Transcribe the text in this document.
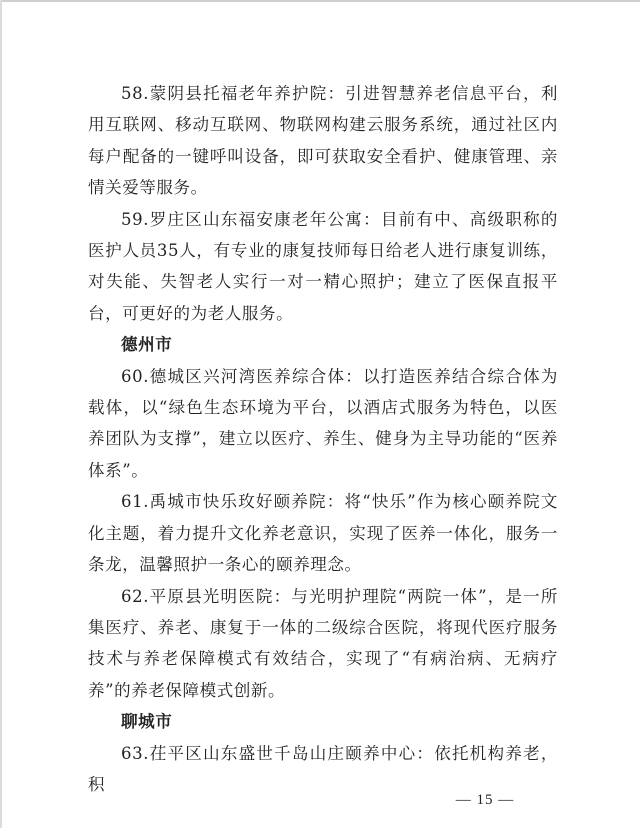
58.蒙阴县托福老年养护院：引进智慧养老信息平台，利用互联网、移动互联网、物联网构建云服务系统，通过社区内每户配备的一键呼叫设备，即可获取安全看护、健康管理、亲情关爱等服务。

59.罗庄区山东福安康老年公寓：目前有中、高级职称的医护人员35人，有专业的康复技师每日给老人进行康复训练，对失能、失智老人实行一对一精心照护；建立了医保直报平台，可更好的为老人服务。

德州市

60.德城区兴河湾医养综合体：以打造医养结合综合体为载体，以“绿色生态环境为平台，以酒店式服务为特色，以医养团队为支撑”，建立以医疗、养生、健身为主导功能的“医养体系”。

61.禹城市快乐玫好颐养院：将“快乐”作为核心颐养院文化主题，着力提升文化养老意识，实现了医养一体化，服务一条龙，温馨照护一条心的颐养理念。

62.平原县光明医院：与光明护理院“两院一体”，是一所集医疗、养老、康复于一体的二级综合医院，将现代医疗服务技术与养老保障模式有效结合，实现了“有病治病、无病疗养”的养老保障模式创新。

聊城市

63.茌平区山东盛世千岛山庄颐养中心：依托机构养老，积

— 15 —
